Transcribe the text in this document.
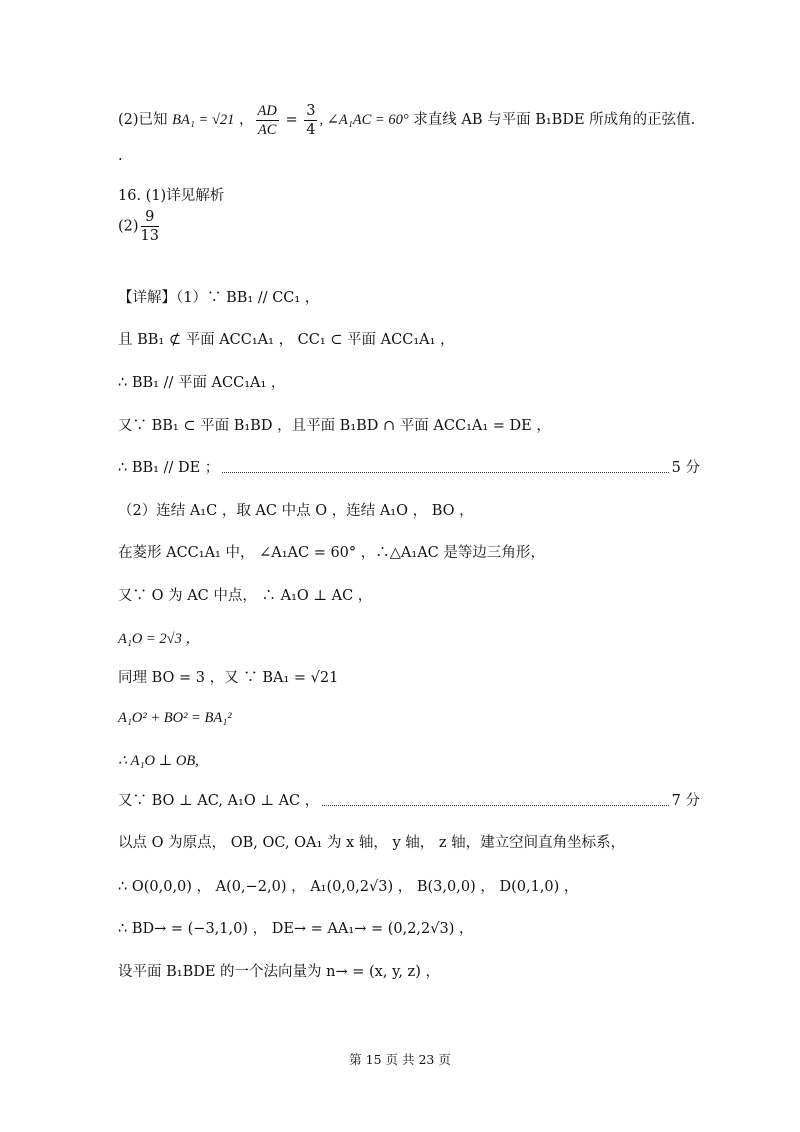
(2)已知 BA₁ = √21 ， $\frac{AD}{AC} = \frac{3}{4}$ , ∠A₁AC = 60° 求直线 AB 与平面 B₁BDE 所成角的正弦值.
.
16. (1)详见解析
$(2) \frac{9}{13}$
【详解】（1）∵ BB₁ // CC₁ ，
且 BB₁ ⊄ 平面 ACC₁A₁ ， CC₁ ⊂ 平面 ACC₁A₁ ，
∴ BB₁ // 平面 ACC₁A₁ ，
又∵ BB₁ ⊂ 平面 B₁BD ，且平面 B₁BD ∩ 平面 ACC₁A₁ = DE ，
∴ BB₁ // DE ；	5 分
（2）连结 A₁C ，取 AC 中点 O ，连结 A₁O ， BO ，
在菱形 ACC₁A₁ 中， ∠A₁AC = 60° ，∴△A₁AC 是等边三角形，
又∵ O 为 AC 中点， ∴ A₁O ⊥ AC ，
A₁O = 2√3 ，
同理 BO = 3 ，又 ∵ BA₁ = √21
A₁O² + BO² = BA₁²
∴ A₁O ⊥ OB,
又∵ BO ⊥ AC, A₁O ⊥ AC ，	7 分
以点 O 为原点， OB, OC, OA₁ 为 x 轴， y 轴， z 轴，建立空间直角坐标系，
∴ O(0,0,0) ， A(0,−2,0) ， A₁(0,0,2√3) ， B(3,0,0) ， D(0,1,0) ，
∴ BD→ = (−3,1,0) ， DE→ = AA₁→ = (0,2,2√3) ，
设平面 B₁BDE 的一个法向量为 n→ = (x, y, z) ，
第 15 页 共 23 页
